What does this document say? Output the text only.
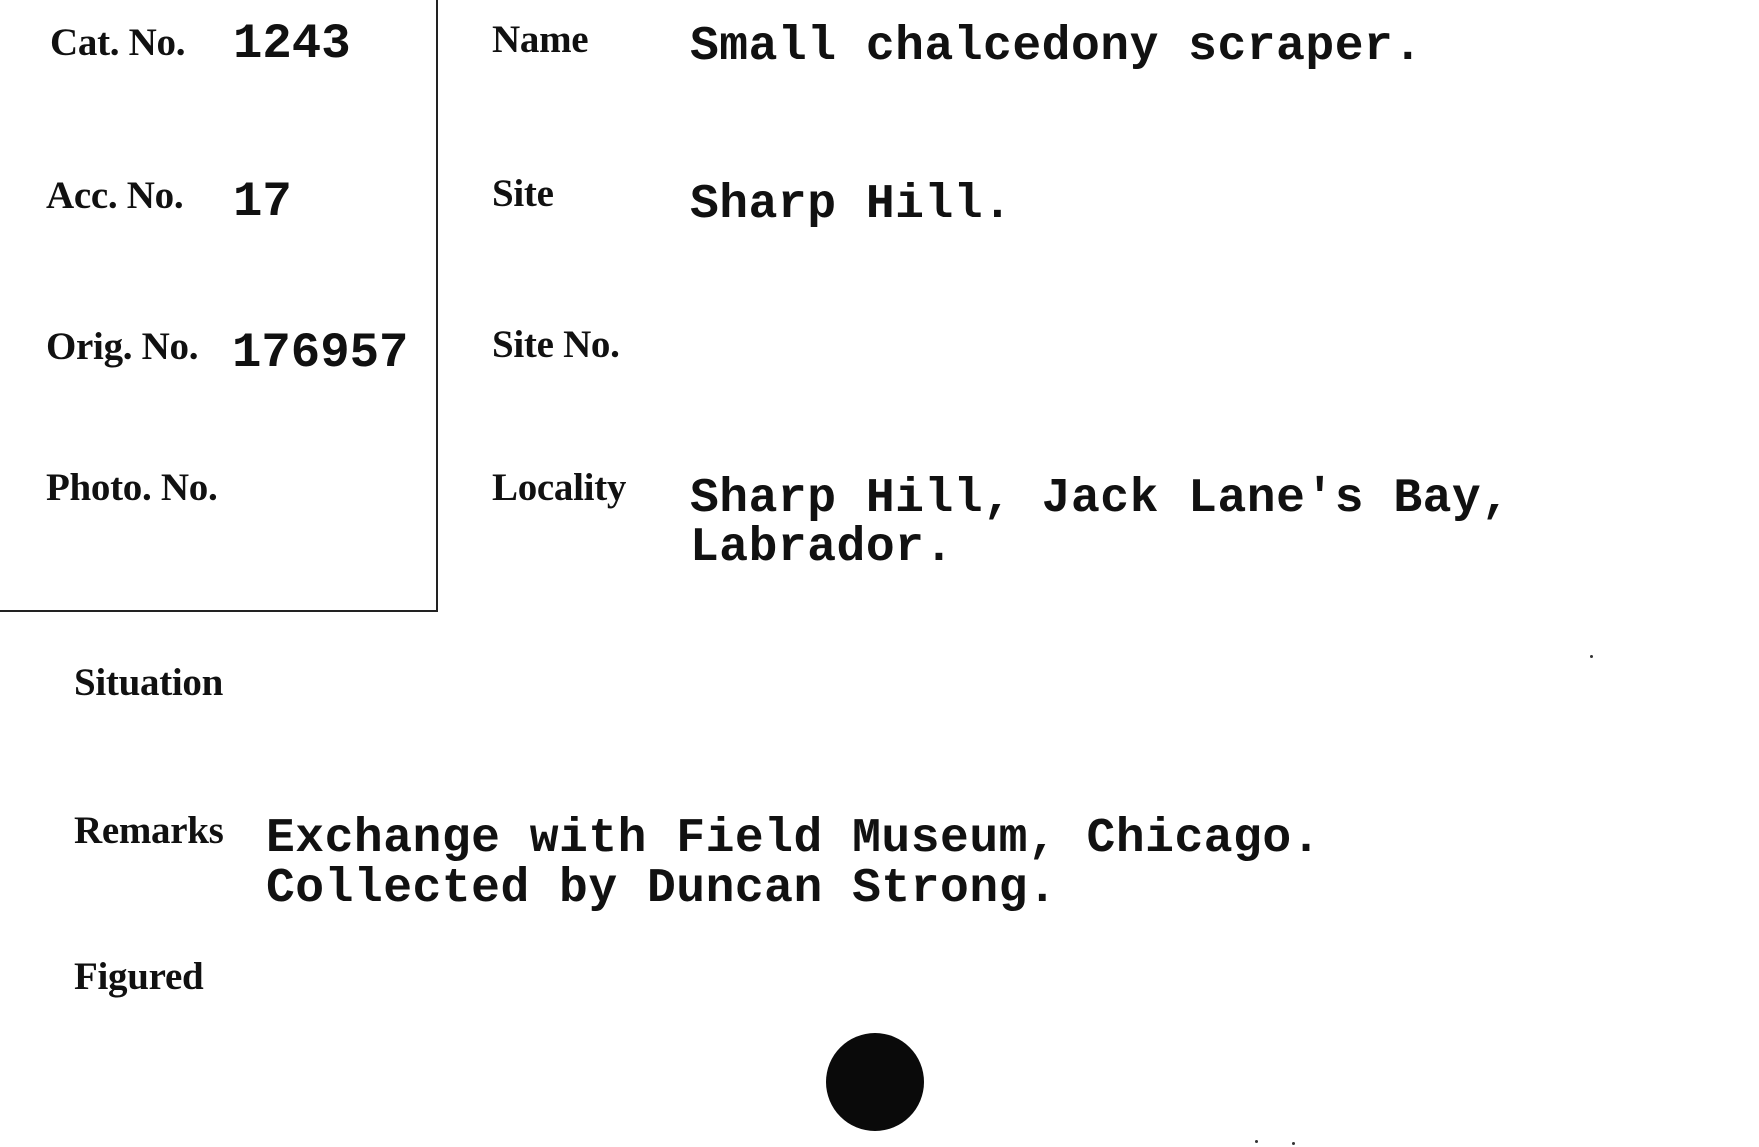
Cat. No. 1243
Acc. No. 17
Orig. No. 176957
Photo. No.
Name Small chalcedony scraper.
Site	Sharp Hill.
Site No.
Locality Sharp Hill, Jack Lane's Bay,
Labrador.
Situation
Remarks Exchange with Field Museum, Chicago.
Collected by Duncan Strong.
Figured
